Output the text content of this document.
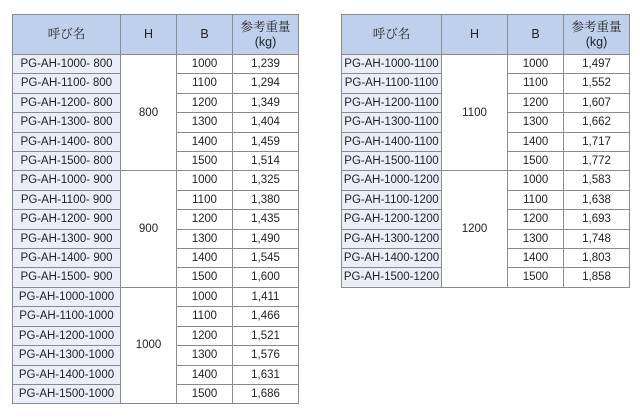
呼び名	H	B	参考重量
(kg)
PG-AH-1000- 800	800	1000	1,239
PG-AH-1100- 800		1100	1,294
PG-AH-1200- 800		1200	1,349
PG-AH-1300- 800		1300	1,404
PG-AH-1400- 800		1400	1,459
PG-AH-1500- 800		1500	1,514
PG-AH-1000- 900	900	1000	1,325
PG-AH-1100- 900		1100	1,380
PG-AH-1200- 900		1200	1,435
PG-AH-1300- 900		1300	1,490
PG-AH-1400- 900		1400	1,545
PG-AH-1500- 900		1500	1,600
PG-AH-1000-1000	1000	1000	1,411
PG-AH-1100-1000		1100	1,466
PG-AH-1200-1000		1200	1,521
PG-AH-1300-1000		1300	1,576
PG-AH-1400-1000		1400	1,631
PG-AH-1500-1000		1500	1,686
呼び名	H	B	参考重量
(kg)
PG-AH-1000-1100	1100	1000	1,497
PG-AH-1100-1100		1100	1,552
PG-AH-1200-1100		1200	1,607
PG-AH-1300-1100		1300	1,662
PG-AH-1400-1100		1400	1,717
PG-AH-1500-1100		1500	1,772
PG-AH-1000-1200	1200	1000	1,583
PG-AH-1100-1200		1100	1,638
PG-AH-1200-1200		1200	1,693
PG-AH-1300-1200		1300	1,748
PG-AH-1400-1200		1400	1,803
PG-AH-1500-1200		1500	1,858
